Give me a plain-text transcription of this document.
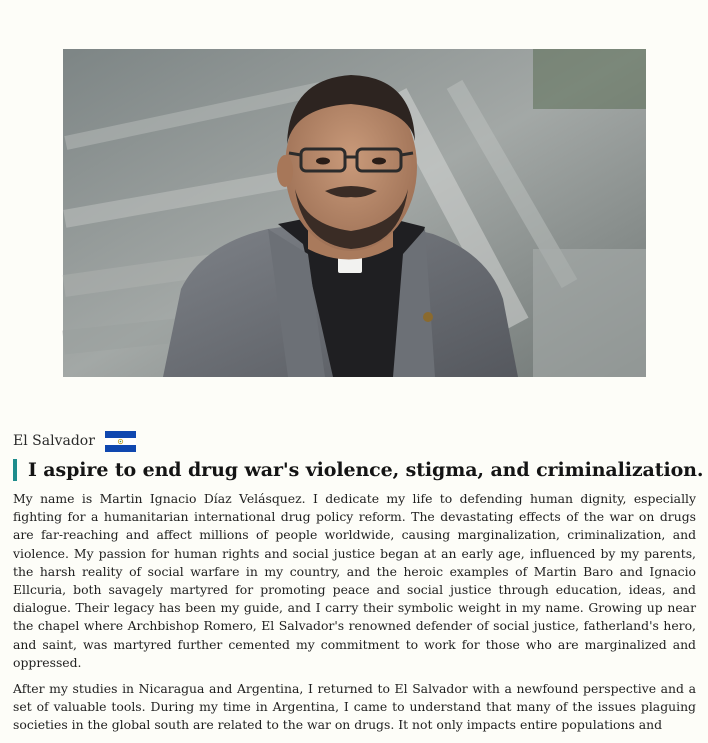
El Salvador
I aspire to end drug war's violence, stigma, and criminalization.

My name is Martin Ignacio Díaz Velásquez. I dedicate my life to defending human dignity, especially fighting for a humanitarian international drug policy reform. The devastating effects of the war on drugs are far-reaching and affect millions of people worldwide, causing marginalization, criminalization, and violence. My passion for human rights and social justice began at an early age, influenced by my parents, the harsh reality of social warfare in my country, and the heroic examples of Martin Baro and Ignacio Ellcuria, both savagely martyred for promoting peace and social justice through education, ideas, and dialogue. Their legacy has been my guide, and I carry their symbolic weight in my name. Growing up near the chapel where Archbishop Romero, El Salvador's renowned defender of social justice, fatherland's hero, and saint, was martyred further cemented my commitment to work for those who are marginalized and oppressed.

After my studies in Nicaragua and Argentina, I returned to El Salvador with a newfound perspective and a set of valuable tools. During my time in Argentina, I came to understand that many of the issues plaguing societies in the global south are related to the war on drugs. It not only impacts entire populations and
